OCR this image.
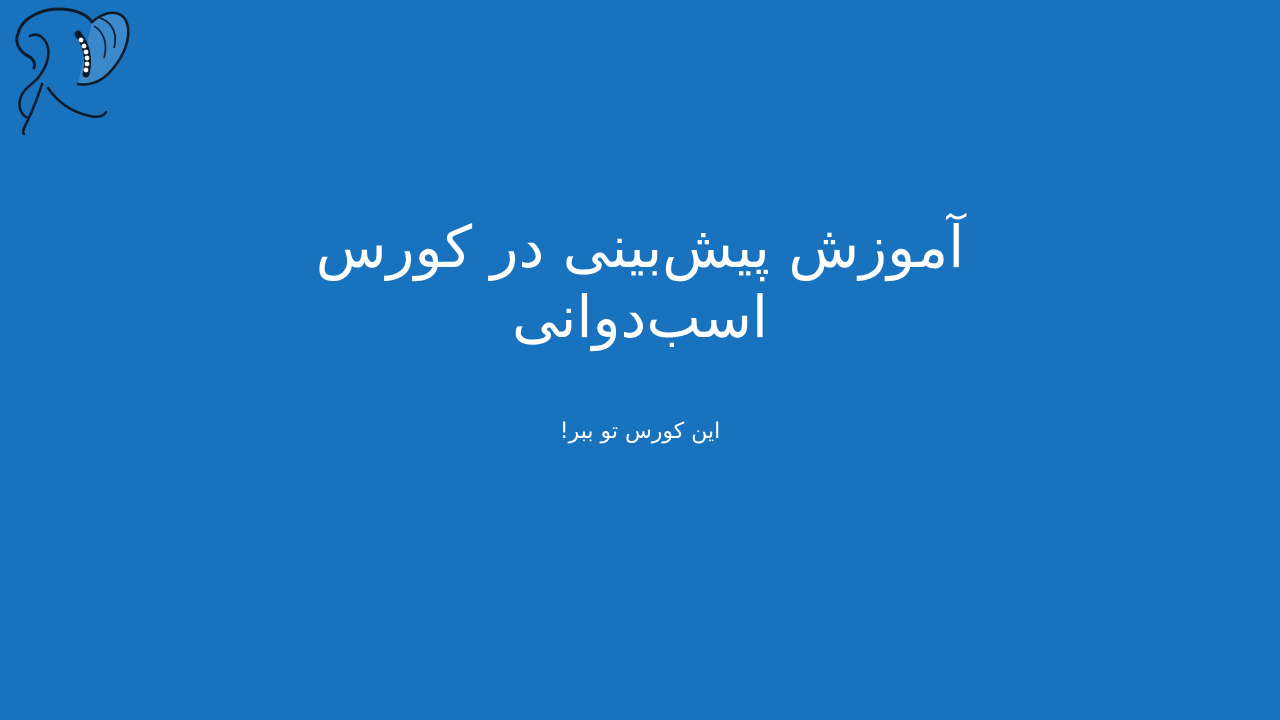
آموزش پیش‌بینی در کورس اسب‌دوانی
این کورس تو ببر!
